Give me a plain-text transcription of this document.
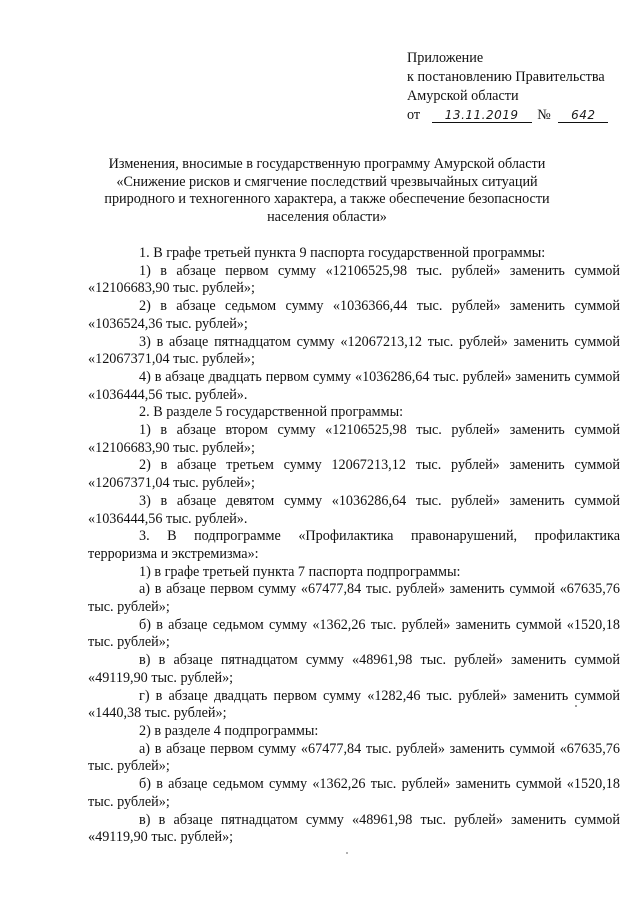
Приложение
к постановлению Правительства
Амурской области
от 13.11.2019 № 642
Изменения, вносимые в государственную программу Амурской области
«Снижение рисков и смягчение последствий чрезвычайных ситуаций
природного и техногенного характера, а также обеспечение безопасности
населения области»

1. В графе третьей пункта 9 паспорта государственной программы:

1) в абзаце первом сумму «12106525,98 тыс. рублей» заменить суммой «12106683,90 тыс. рублей»;

2) в абзаце седьмом сумму «1036366,44 тыс. рублей» заменить суммой «1036524,36 тыс. рублей»;

3) в абзаце пятнадцатом сумму «12067213,12 тыс. рублей» заменить суммой «12067371,04 тыс. рублей»;

4) в абзаце двадцать первом сумму «1036286,64 тыс. рублей» заменить суммой «1036444,56 тыс. рублей».

2. В разделе 5 государственной программы:

1) в абзаце втором сумму «12106525,98 тыс. рублей» заменить суммой «12106683,90 тыс. рублей»;

2) в абзаце третьем сумму 12067213,12 тыс. рублей» заменить суммой «12067371,04 тыс. рублей»;

3) в абзаце девятом сумму «1036286,64 тыс. рублей» заменить суммой «1036444,56 тыс. рублей».

3. В подпрограмме «Профилактика правонарушений, профилактика терроризма и экстремизма»:

1) в графе третьей пункта 7 паспорта подпрограммы:

а) в абзаце первом сумму «67477,84 тыс. рублей» заменить суммой «67635,76 тыс. рублей»;

б) в абзаце седьмом сумму «1362,26 тыс. рублей» заменить суммой «1520,18 тыс. рублей»;

в) в абзаце пятнадцатом сумму «48961,98 тыс. рублей» заменить суммой «49119,90 тыс. рублей»;

г) в абзаце двадцать первом сумму «1282,46 тыс. рублей» заменить суммой «1440,38 тыс. рублей»;

2) в разделе 4 подпрограммы:

а) в абзаце первом сумму «67477,84 тыс. рублей» заменить суммой «67635,76 тыс. рублей»;

б) в абзаце седьмом сумму «1362,26 тыс. рублей» заменить суммой «1520,18 тыс. рублей»;

в) в абзаце пятнадцатом сумму «48961,98 тыс. рублей» заменить суммой «49119,90 тыс. рублей»;
